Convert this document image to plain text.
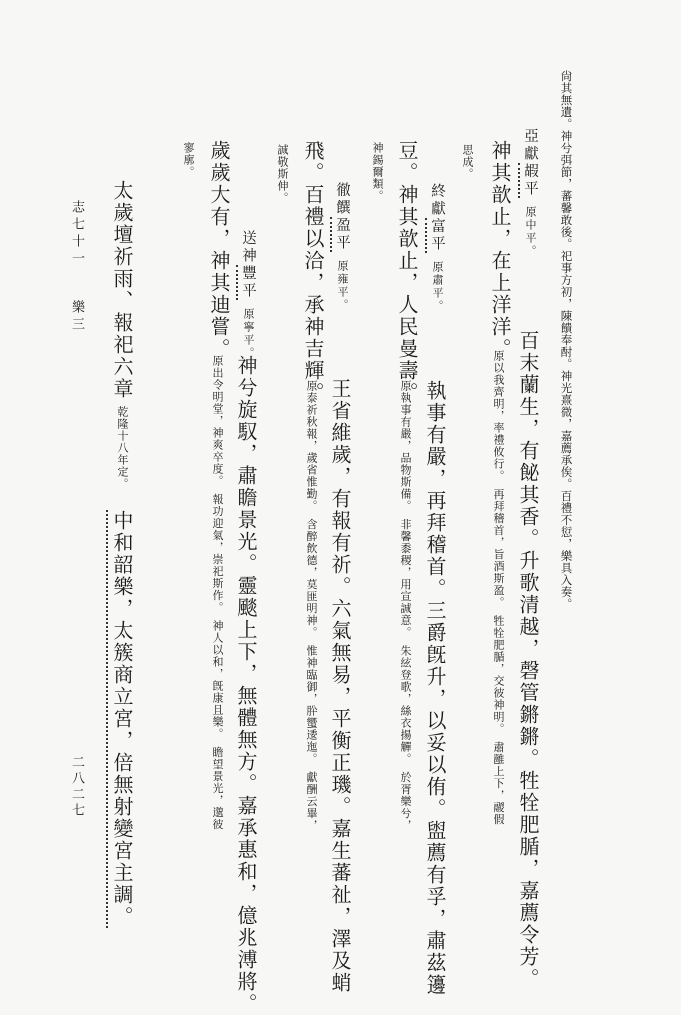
尙其無遺。神兮弭節，蕃馨敢後。祀事方初，陳饋奉酎。神光熹微，嘉薦承俟。百禮不愆，樂具入奏。
亞獻嘏平原中平。
百末蘭生，有飶其香。升歌清越，磬管鏘鏘。牲牷肥腯，嘉薦令芳。
神其歆止，在上洋洋。
原以我齊明，率禮攸行。　再拜稽首，旨酒斯盈。　牲牷肥腯，交彼神明。　肅雝上下，鬷假
思成。
終獻富平原肅平。
執事有嚴，再拜稽首。三爵旣升，以妥以侑。盥薦有孚，肅茲籩
豆。神其歆止，人民曼壽。
原執事有嚴，品物斯備。　非馨黍稷，用宣誠意。　朱絃登歌，絲衣揚觶。　於胥樂兮，
神錫爾類。
徹饌盈平原雍平。
王省維歲，有報有祈。六氣無易，平衡正璣。嘉生蕃祉，澤及蛸
飛。百禮以洽，承神吉輝。
原泰祈秋報，歲省惟勤。　含醉飲德，莫匪明神。　惟神臨御，肸蠁逶迤。　獻酬云畢，
誠敬斯伸。
送神豐平原寧平。
神兮旋馭，肅瞻景光。靈颷上下，無體無方。嘉承惠和，億兆溥將。
歲歲大有，神其迪嘗。
原出令明堂，神爽卒度。　報功迎氣，崇祀斯作。　神人以和，旣康且樂。　瞻望景光，邈彼
寥廓。
太歲壇祈雨、報祀六章乾隆十八年定。
中和韶樂，太簇商立宮，倍無射變宮主調。
志七十一
樂三
二八二七
